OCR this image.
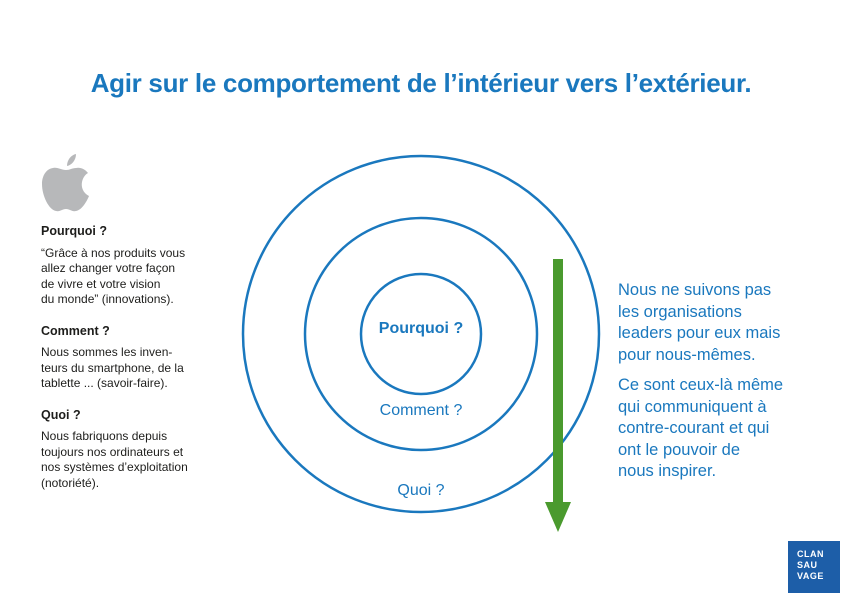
Agir sur le comportement de l’intérieur vers l’extérieur.

Pourquoi ?

“Grâce à nos produits vous
allez changer votre façon
de vivre et votre vision
du monde” (innovations).

Comment ?

Nous sommes les inven-
teurs du smartphone, de la
tablette ... (savoir-faire).

Quoi ?

Nous fabriquons depuis
toujours nos ordinateurs et
nos systèmes d’exploitation
(notoriété).

Pourquoi ?
Comment ?
Quoi ?

Nous ne suivons pas
les organisations
leaders pour eux mais
pour nous-mêmes.

Ce sont ceux-là même
qui communiquent à
contre-courant et qui
ont le pouvoir de
nous inspirer.

CLAN
SAU
VAGE
